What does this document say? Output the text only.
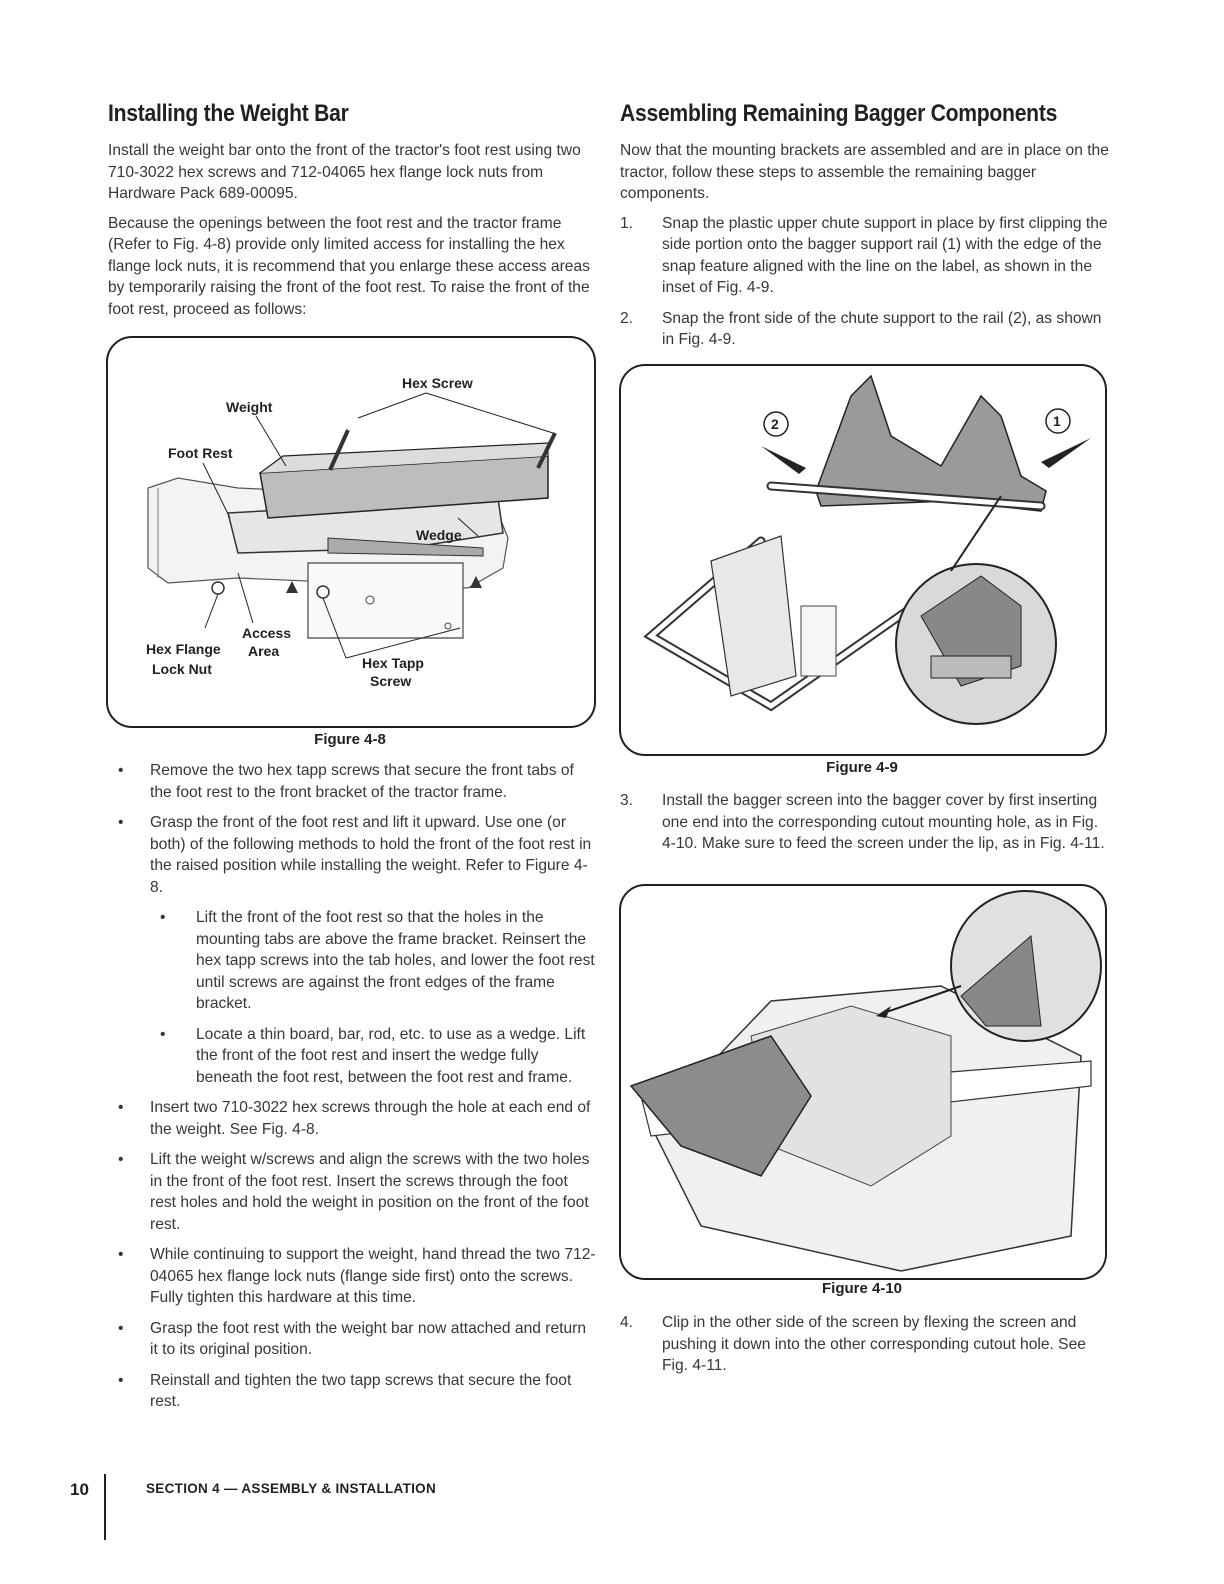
Installing the Weight Bar

Install the weight bar onto the front of the tractor's foot rest using two 710-3022 hex screws and 712-04065 hex flange lock nuts from Hardware Pack 689-00095.

Because the openings between the foot rest and the tractor frame (Refer to Fig. 4-8) provide only limited access for installing the hex flange lock nuts, it is recommend that you enlarge these access areas by temporarily raising the front of the foot rest. To raise the front of the foot rest, proceed as follows:

Hex Screw
Weight
Foot Rest
Wedge
Access
Area
Hex Flange
Lock Nut	Hex Tapp
Screw
Figure 4-8
• Remove the two hex tapp screws that secure the front tabs of the foot rest to the front bracket of the tractor frame.
• Grasp the front of the foot rest and lift it upward. Use one (or both) of the following methods to hold the front of the foot rest in the raised position while installing the weight. Refer to Figure 4-8.
• Lift the front of the foot rest so that the holes in the mounting tabs are above the frame bracket. Reinsert the hex tapp screws into the tab holes, and lower the foot rest until screws are against the front edges of the frame bracket.
• Locate a thin board, bar, rod, etc. to use as a wedge. Lift the front of the foot rest and insert the wedge fully beneath the foot rest, between the foot rest and frame.
• Insert two 710-3022 hex screws through the hole at each end of the weight. See Fig. 4-8.
• Lift the weight w/screws and align the screws with the two holes in the front of the foot rest. Insert the screws through the foot rest holes and hold the weight in position on the front of the foot rest.
• While continuing to support the weight, hand thread the two 712-04065 hex flange lock nuts (flange side first) onto the screws. Fully tighten this hardware at this time.
• Grasp the foot rest with the weight bar now attached and return it to its original position.
• Reinstall and tighten the two tapp screws that secure the foot rest.
Assembling Remaining Bagger Components

Now that the mounting brackets are assembled and are in place on the tractor, follow these steps to assemble the remaining bagger components.

1. Snap the plastic upper chute support in place by first clipping the side portion onto the bagger support rail (1) with the edge of the snap feature aligned with the line on the label, as shown in the inset of Fig. 4-9.
2. Snap the front side of the chute support to the rail (2), as shown in Fig. 4-9.
2	1
Figure 4-9
3. Install the bagger screen into the bagger cover by first inserting one end into the corresponding cutout mounting hole, as in Fig. 4-10. Make sure to feed the screen under the lip, as in Fig. 4-11.
Figure 4-10
4. Clip in the other side of the screen by flexing the screen and pushing it down into the other corresponding cutout hole. See Fig. 4-11.
10	SECTION 4 — ASSEMBLY & INSTALLATION
